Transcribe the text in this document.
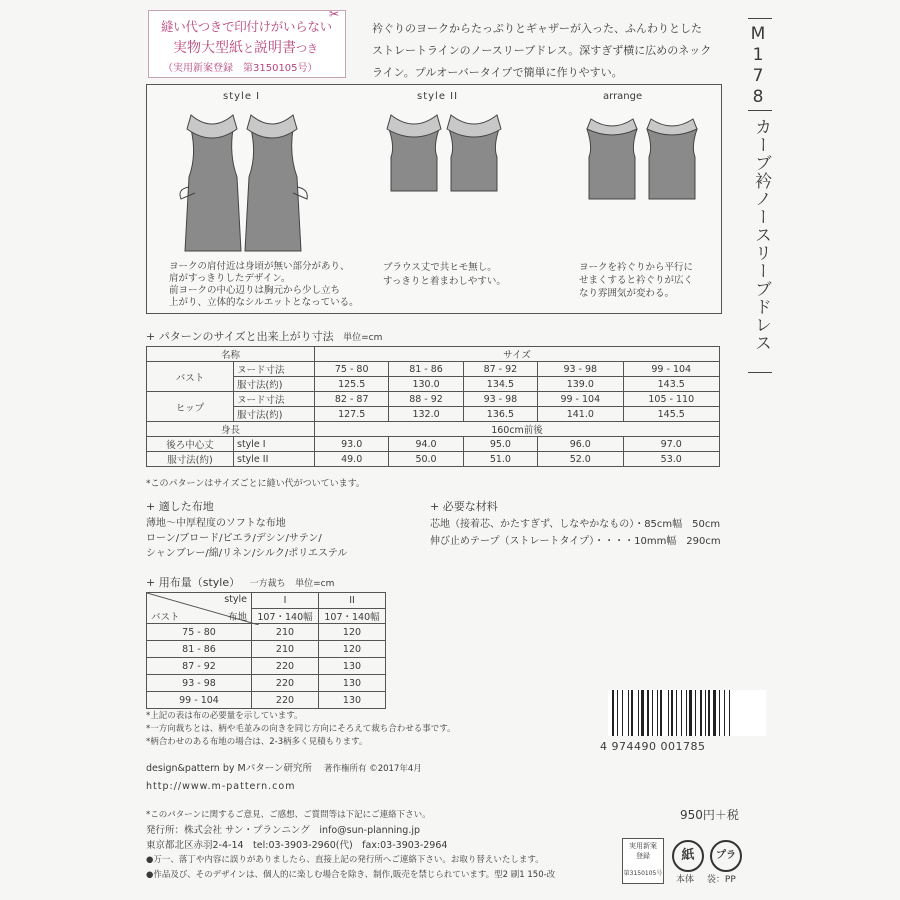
✂
縫い代つきで印付けがいらない
実物大型紙と説明書つき
（実用新案登録　第3150105号）
衿ぐりのヨークからたっぷりとギャザーが入った、ふんわりとした
ストレートラインのノースリーブドレス。深すぎず横に広めのネック
ライン。プルオーバータイプで簡単に作りやすい。	M178
カーブ衿ノースリーブドレス
style I	style II	arrange
ヨークの肩付近は身頃が無い部分があり、
肩がすっきりしたデザイン。
前ヨークの中心辺りは胸元から少し立ち
上がり、立体的なシルエットとなっている。
ブラウス丈で共ヒモ無し。
すっきりと着まわしやすい。
ヨークを衿ぐりから平行に
せまくすると衿ぐりが広く
なり雰囲気が変わる。
+ パターンのサイズと出来上がり寸法 単位=cm
名称		サイズ				
バスト	ヌード寸法	75 - 80	81 - 86	87 - 92	93 - 98	99 - 104
	服寸法(約)	125.5	130.0	134.5	139.0	143.5
ヒップ	ヌード寸法	82 - 87	88 - 92	93 - 98	99 - 104	105 - 110
	服寸法(約)	127.5	132.0	136.5	141.0	145.5
身長		160cm前後				
後ろ中心丈	style I	93.0	94.0	95.0	96.0	97.0
服寸法(約)	style II	49.0	50.0	51.0	52.0	53.0
*このパターンはサイズごとに縫い代がついています。
+ 適した布地
薄地〜中厚程度のソフトな布地
ローン/ブロード/ピエラ/デシン/サテン/
シャンブレー/綿/リネン/シルク/ポリエステル
+ 必要な材料
芯地（接着芯、かたすぎず、しなやかなもの）・85cm幅　50cm
伸び止めテープ（ストレートタイプ）・・・・10mm幅　290cm
+ 用布量（style） 一方裁ち 単位=cm
style
布地
バスト	I	II
	107・140幅	107・140幅
75 - 80	210	120
81 - 86	210	120
87 - 92	220	130
93 - 98	220	130
99 - 104	220	130
*上記の表は布の必要量を示しています。
*一方向裁ちとは、柄や毛並みの向きを同じ方向にそろえて裁ち合わせる事です。
*柄合わせのある布地の場合は、2-3柄多く見積もります。
design&pattern by Mパターン研究所 著作権所有 ©2017年4月
http://www.m-pattern.com
4 974490 001785
950円＋税
*このパターンに関するご意見、ご感想、ご質問等は下記にご連絡下さい。
発行所：株式会社 サン・プランニング　info@sun-planning.jp
東京都北区赤羽2-4-14　tel:03-3903-2960(代)　fax:03-3903-2964
●万一、落丁や内容に誤りがありましたら、直接上記の発行所へご連絡下さい。お取り替えいたします。
●作品及び、そのデザインは、個人的に楽しむ場合を除き、制作,販売を禁じられています。型2 刷1 150-改
実用新案
登録
第3150105号
紙	プラ
本体 袋：PP
